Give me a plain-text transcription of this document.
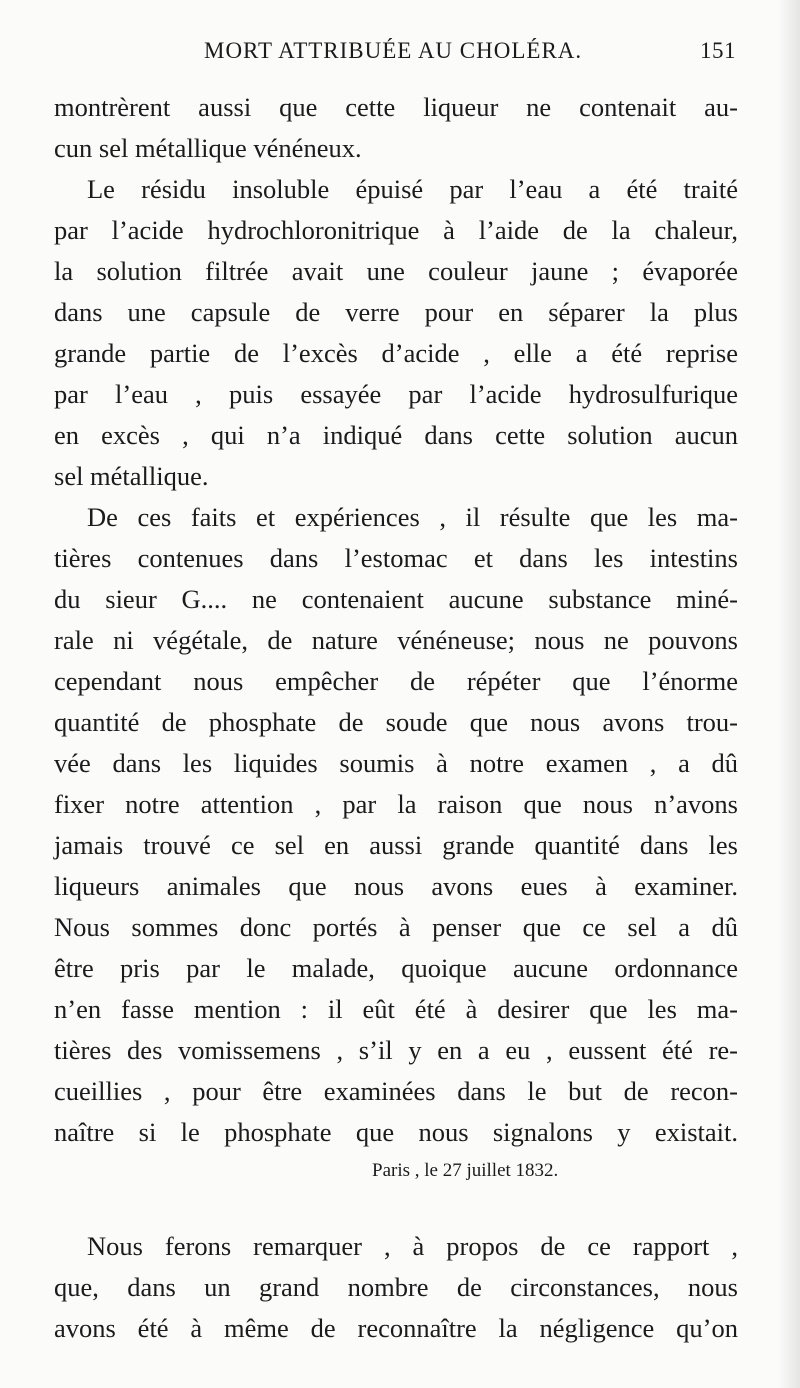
MORT ATTRIBUÉE AU CHOLÉRA.	151
montrèrent aussi que cette liqueur ne contenait au-
cun sel métallique vénéneux.
Le résidu insoluble épuisé par l’eau a été traité
par l’acide hydrochloronitrique à l’aide de la chaleur,
la solution filtrée avait une couleur jaune ; évaporée
dans une capsule de verre pour en séparer la plus
grande partie de l’excès d’acide , elle a été reprise
par l’eau , puis essayée par l’acide hydrosulfurique
en excès , qui n’a indiqué dans cette solution aucun
sel métallique.
De ces faits et expériences , il résulte que les ma-
tières contenues dans l’estomac et dans les intestins
du sieur G.... ne contenaient aucune substance miné-
rale ni végétale, de nature vénéneuse; nous ne pouvons
cependant nous empêcher de répéter que l’énorme
quantité de phosphate de soude que nous avons trou-
vée dans les liquides soumis à notre examen , a dû
fixer notre attention , par la raison que nous n’avons
jamais trouvé ce sel en aussi grande quantité dans les
liqueurs animales que nous avons eues à examiner.
Nous sommes donc portés à penser que ce sel a dû
être pris par le malade, quoique aucune ordonnance
n’en fasse mention : il eût été à desirer que les ma-
tières des vomissemens , s’il y en a eu , eussent été re-
cueillies , pour être examinées dans le but de recon-
naître si le phosphate que nous signalons y existait.
Paris , le 27 juillet 1832.
Nous ferons remarquer , à propos de ce rapport ,
que, dans un grand nombre de circonstances, nous
avons été à même de reconnaître la négligence qu’on
